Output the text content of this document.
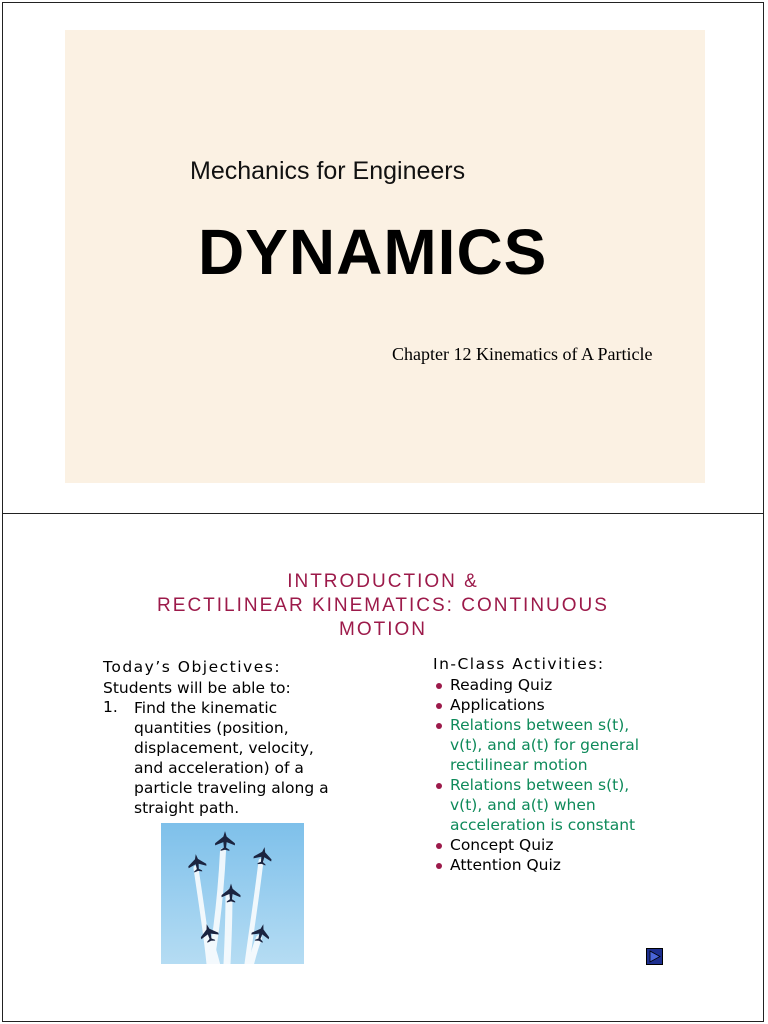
Mechanics for Engineers
DYNAMICS
Chapter 12 Kinematics of A Particle
INTRODUCTION &
RECTILINEAR KINEMATICS: CONTINUOUS
MOTION
Today’s Objectives:
Students will be able to:
1. Find the kinematic
quantities (position,
displacement, velocity,
and acceleration) of a
particle traveling along a
straight path.
In-Class Activities:
Reading Quiz
Applications
Relations between s(t),
v(t), and a(t) for general
rectilinear motion
Relations between s(t),
v(t), and a(t) when
acceleration is constant
Concept Quiz
Attention Quiz
